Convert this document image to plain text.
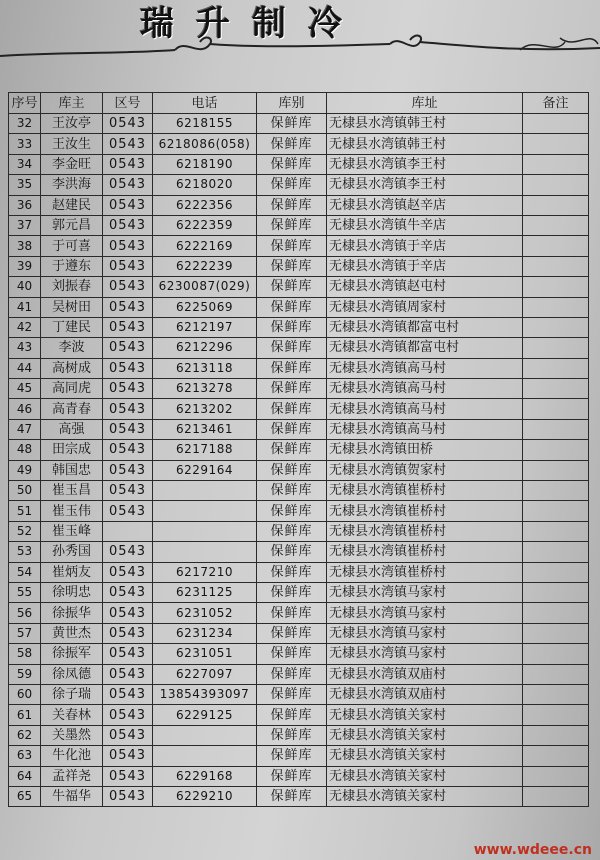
瑞升制冷
序号	库主	区号	电话	库别	库址	备注
32	王汝亭	0543	6218155	保鲜库	无棣县水湾镇韩王村	
33	王汝生	0543	6218086(058)	保鲜库	无棣县水湾镇韩王村	
34	李金旺	0543	6218190	保鲜库	无棣县水湾镇李王村	
35	李洪海	0543	6218020	保鲜库	无棣县水湾镇李王村	
36	赵建民	0543	6222356	保鲜库	无棣县水湾镇赵辛店	
37	郭元昌	0543	6222359	保鲜库	无棣县水湾镇牛辛店	
38	于可喜	0543	6222169	保鲜库	无棣县水湾镇于辛店	
39	于遵东	0543	6222239	保鲜库	无棣县水湾镇于辛店	
40	刘振春	0543	6230087(029)	保鲜库	无棣县水湾镇赵屯村	
41	吴树田	0543	6225069	保鲜库	无棣县水湾镇周家村	
42	丁建民	0543	6212197	保鲜库	无棣县水湾镇都富屯村	
43	李波	0543	6212296	保鲜库	无棣县水湾镇都富屯村	
44	高树成	0543	6213118	保鲜库	无棣县水湾镇高马村	
45	高同虎	0543	6213278	保鲜库	无棣县水湾镇高马村	
46	高青春	0543	6213202	保鲜库	无棣县水湾镇高马村	
47	高强	0543	6213461	保鲜库	无棣县水湾镇高马村	
48	田宗成	0543	6217188	保鲜库	无棣县水湾镇田桥	
49	韩国忠	0543	6229164	保鲜库	无棣县水湾镇贺家村	
50	崔玉昌	0543		保鲜库	无棣县水湾镇崔桥村	
51	崔玉伟	0543		保鲜库	无棣县水湾镇崔桥村	
52	崔玉峰			保鲜库	无棣县水湾镇崔桥村	
53	孙秀国	0543		保鲜库	无棣县水湾镇崔桥村	
54	崔炳友	0543	6217210	保鲜库	无棣县水湾镇崔桥村	
55	徐明忠	0543	6231125	保鲜库	无棣县水湾镇马家村	
56	徐振华	0543	6231052	保鲜库	无棣县水湾镇马家村	
57	黄世杰	0543	6231234	保鲜库	无棣县水湾镇马家村	
58	徐振军	0543	6231051	保鲜库	无棣县水湾镇马家村	
59	徐凤德	0543	6227097	保鲜库	无棣县水湾镇双庙村	
60	徐子瑞	0543	13854393097	保鲜库	无棣县水湾镇双庙村	
61	关春林	0543	6229125	保鲜库	无棣县水湾镇关家村	
62	关墨然	0543		保鲜库	无棣县水湾镇关家村	
63	牛化池	0543		保鲜库	无棣县水湾镇关家村	
64	孟祥尧	0543	6229168	保鲜库	无棣县水湾镇关家村	
65	牛福华	0543	6229210	保鲜库	无棣县水湾镇关家村	
www.wdeee.cn
